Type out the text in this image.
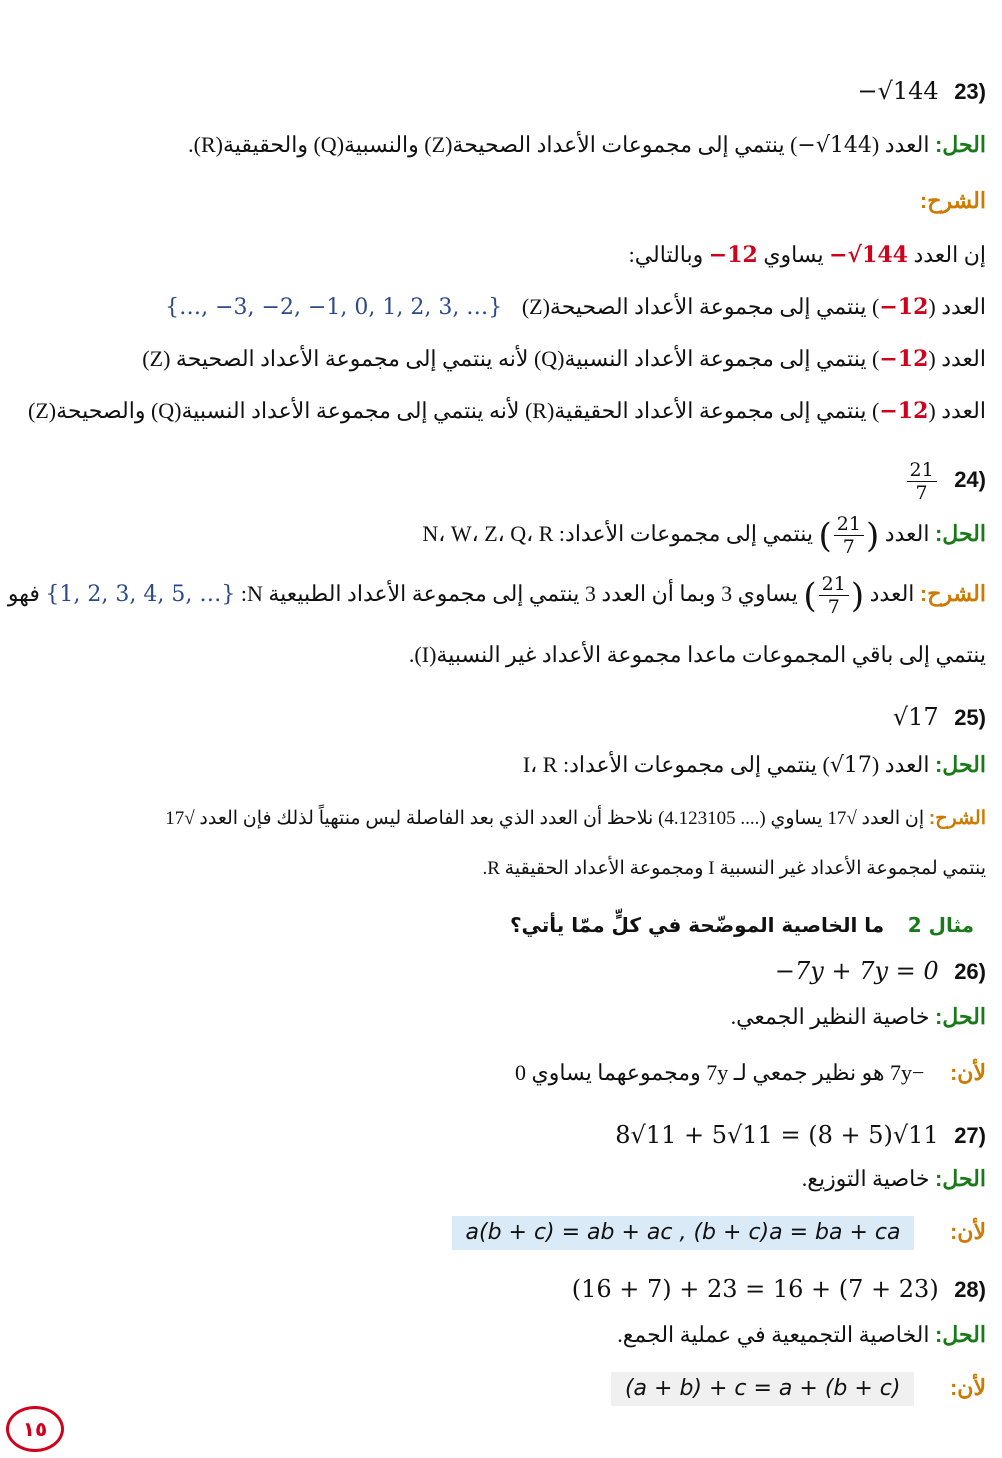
(23 −√144
الحل: العدد (−√144) ينتمي إلى مجموعات الأعداد الصحيحة(Z) والنسبية(Q) والحقيقية(R).
الشرح:
إن العدد −√144 يساوي −12 وبالتالي:
العدد (−12) ينتمي إلى مجموعة الأعداد الصحيحة(Z) {…, −3, −2, −1, 0, 1, 2, 3, …}
العدد (−12) ينتمي إلى مجموعة الأعداد النسبية(Q) لأنه ينتمي إلى مجموعة الأعداد الصحيحة (Z)
العدد (−12) ينتمي إلى مجموعة الأعداد الحقيقية(R) لأنه ينتمي إلى مجموعة الأعداد النسبية(Q) والصحيحة(Z)
(24
$\frac{21}{7}$
الحل: العدد (
$\frac{21}{7}$
) ينتمي إلى مجموعات الأعداد: N، W، Z، Q، R
الشرح: العدد (
$\frac{21}{7}$
) يساوي 3 وبما أن العدد 3 ينتمي إلى مجموعة الأعداد الطبيعية N: {1, 2, 3, 4, 5, …} فهو
ينتمي إلى باقي المجموعات ماعدا مجموعة الأعداد غير النسبية(I).
(25 √17
الحل: العدد (√17) ينتمي إلى مجموعات الأعداد: I، R
الشرح: إن العدد √17 يساوي (.... 4.123105) نلاحظ أن العدد الذي بعد الفاصلة ليس منتهياً لذلك فإن العدد √17
ينتمي لمجموعة الأعداد غير النسبية I ومجموعة الأعداد الحقيقية R.
مثال 2 ما الخاصية الموضّحة في كلٍّ ممّا يأتي؟
(26 −7y + 7y = 0
الحل: خاصية النظير الجمعي.
لأن: −7y هو نظير جمعي لـ 7y ومجموعهما يساوي 0
(27 8√11 + 5√11 = (8 + 5)√11
الحل: خاصية التوزيع.
لأن: a(b + c) = ab + ac , (b + c)a = ba + ca
(28 (16 + 7) + 23 = 16 + (7 + 23)
الحل: الخاصية التجميعية في عملية الجمع.
لأن: (a + b) + c = a + (b + c)
١٥
